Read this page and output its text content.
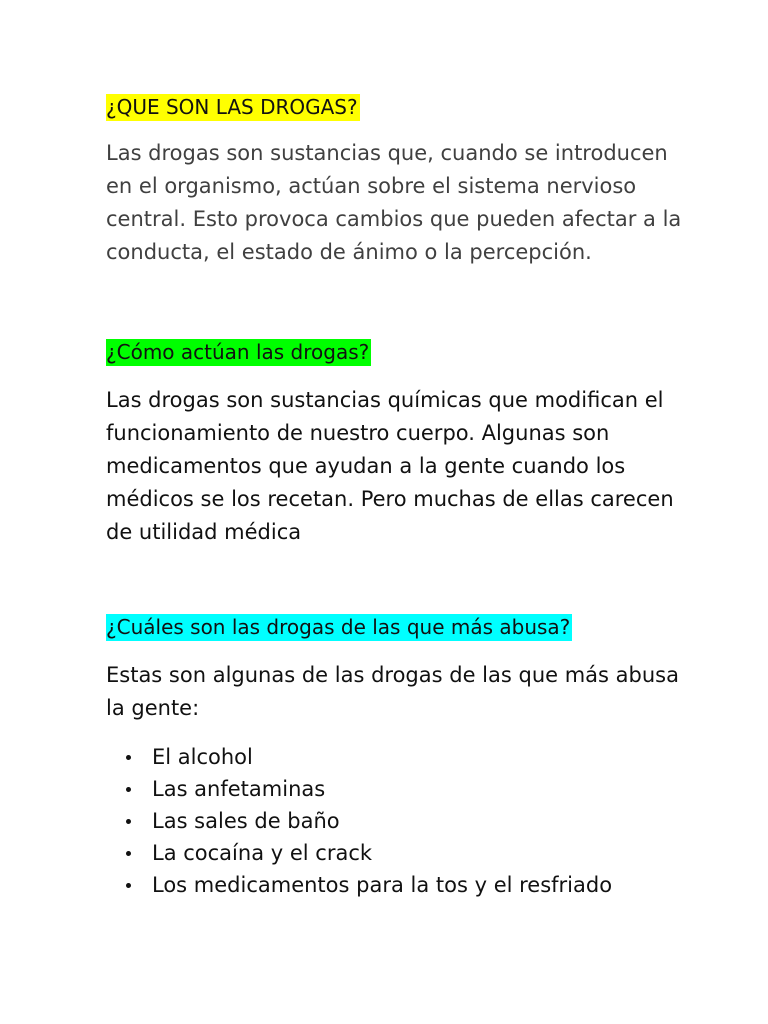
¿QUE SON LAS DROGAS?

Las drogas son sustancias que, cuando se introducen
en el organismo, actúan sobre el sistema nervioso
central. Esto provoca cambios que pueden afectar a la
conducta, el estado de ánimo o la percepción.

¿Cómo actúan las drogas?

Las drogas son sustancias químicas que modifican el
funcionamiento de nuestro cuerpo. Algunas son
medicamentos que ayudan a la gente cuando los
médicos se los recetan. Pero muchas de ellas carecen
de utilidad médica

¿Cuáles son las drogas de las que más abusa?

Estas son algunas de las drogas de las que más abusa
la gente:

El alcohol
Las anfetaminas
Las sales de baño
La cocaína y el crack
Los medicamentos para la tos y el resfriado
